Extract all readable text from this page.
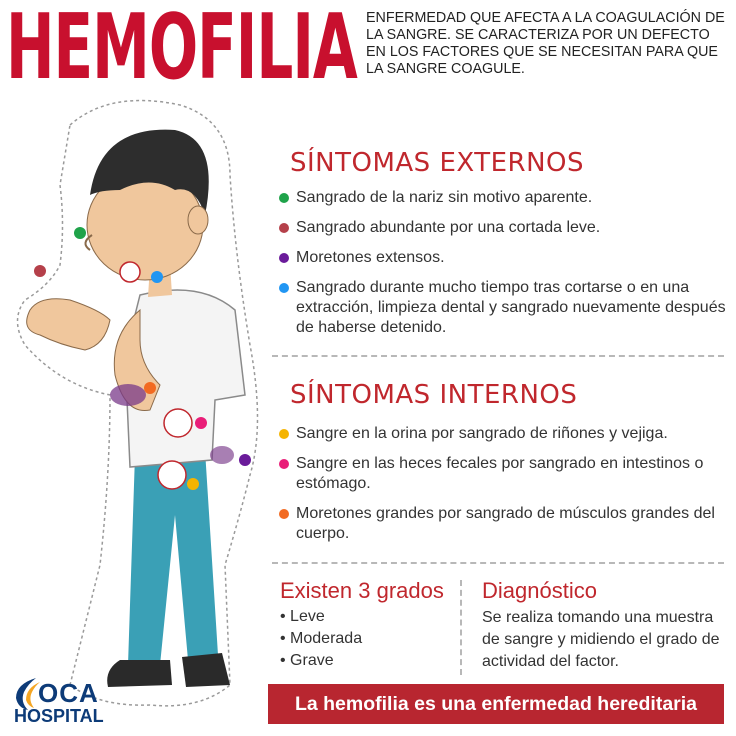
HEMOFILIA ENFERMEDAD QUE AFECTA A LA COAGULACIÓN DE LA SANGRE. SE CARACTERIZA POR UN DEFECTO EN LOS FACTORES QUE SE NECESITAN PARA QUE LA SANGRE COAGULE.
SÍNTOMAS EXTERNOS
Sangrado de la nariz sin motivo aparente.
Sangrado abundante por una cortada leve.
Moretones extensos.
Sangrado durante mucho tiempo tras cortarse o en una extracción, limpieza dental y sangrado nuevamente después de haberse detenido.
SÍNTOMAS INTERNOS
Sangre en la orina por sangrado de riñones y vejiga.
Sangre en las heces fecales por sangrado en intestinos o estómago.
Moretones grandes por sangrado de músculos grandes del cuerpo.
Existen 3 grados
• Leve
• Moderada
• Grave
Diagnóstico
Se realiza tomando una muestra de sangre y midiendo el grado de actividad del factor.
La hemofilia es una enfermedad hereditaria
OCA
HOSPITAL
